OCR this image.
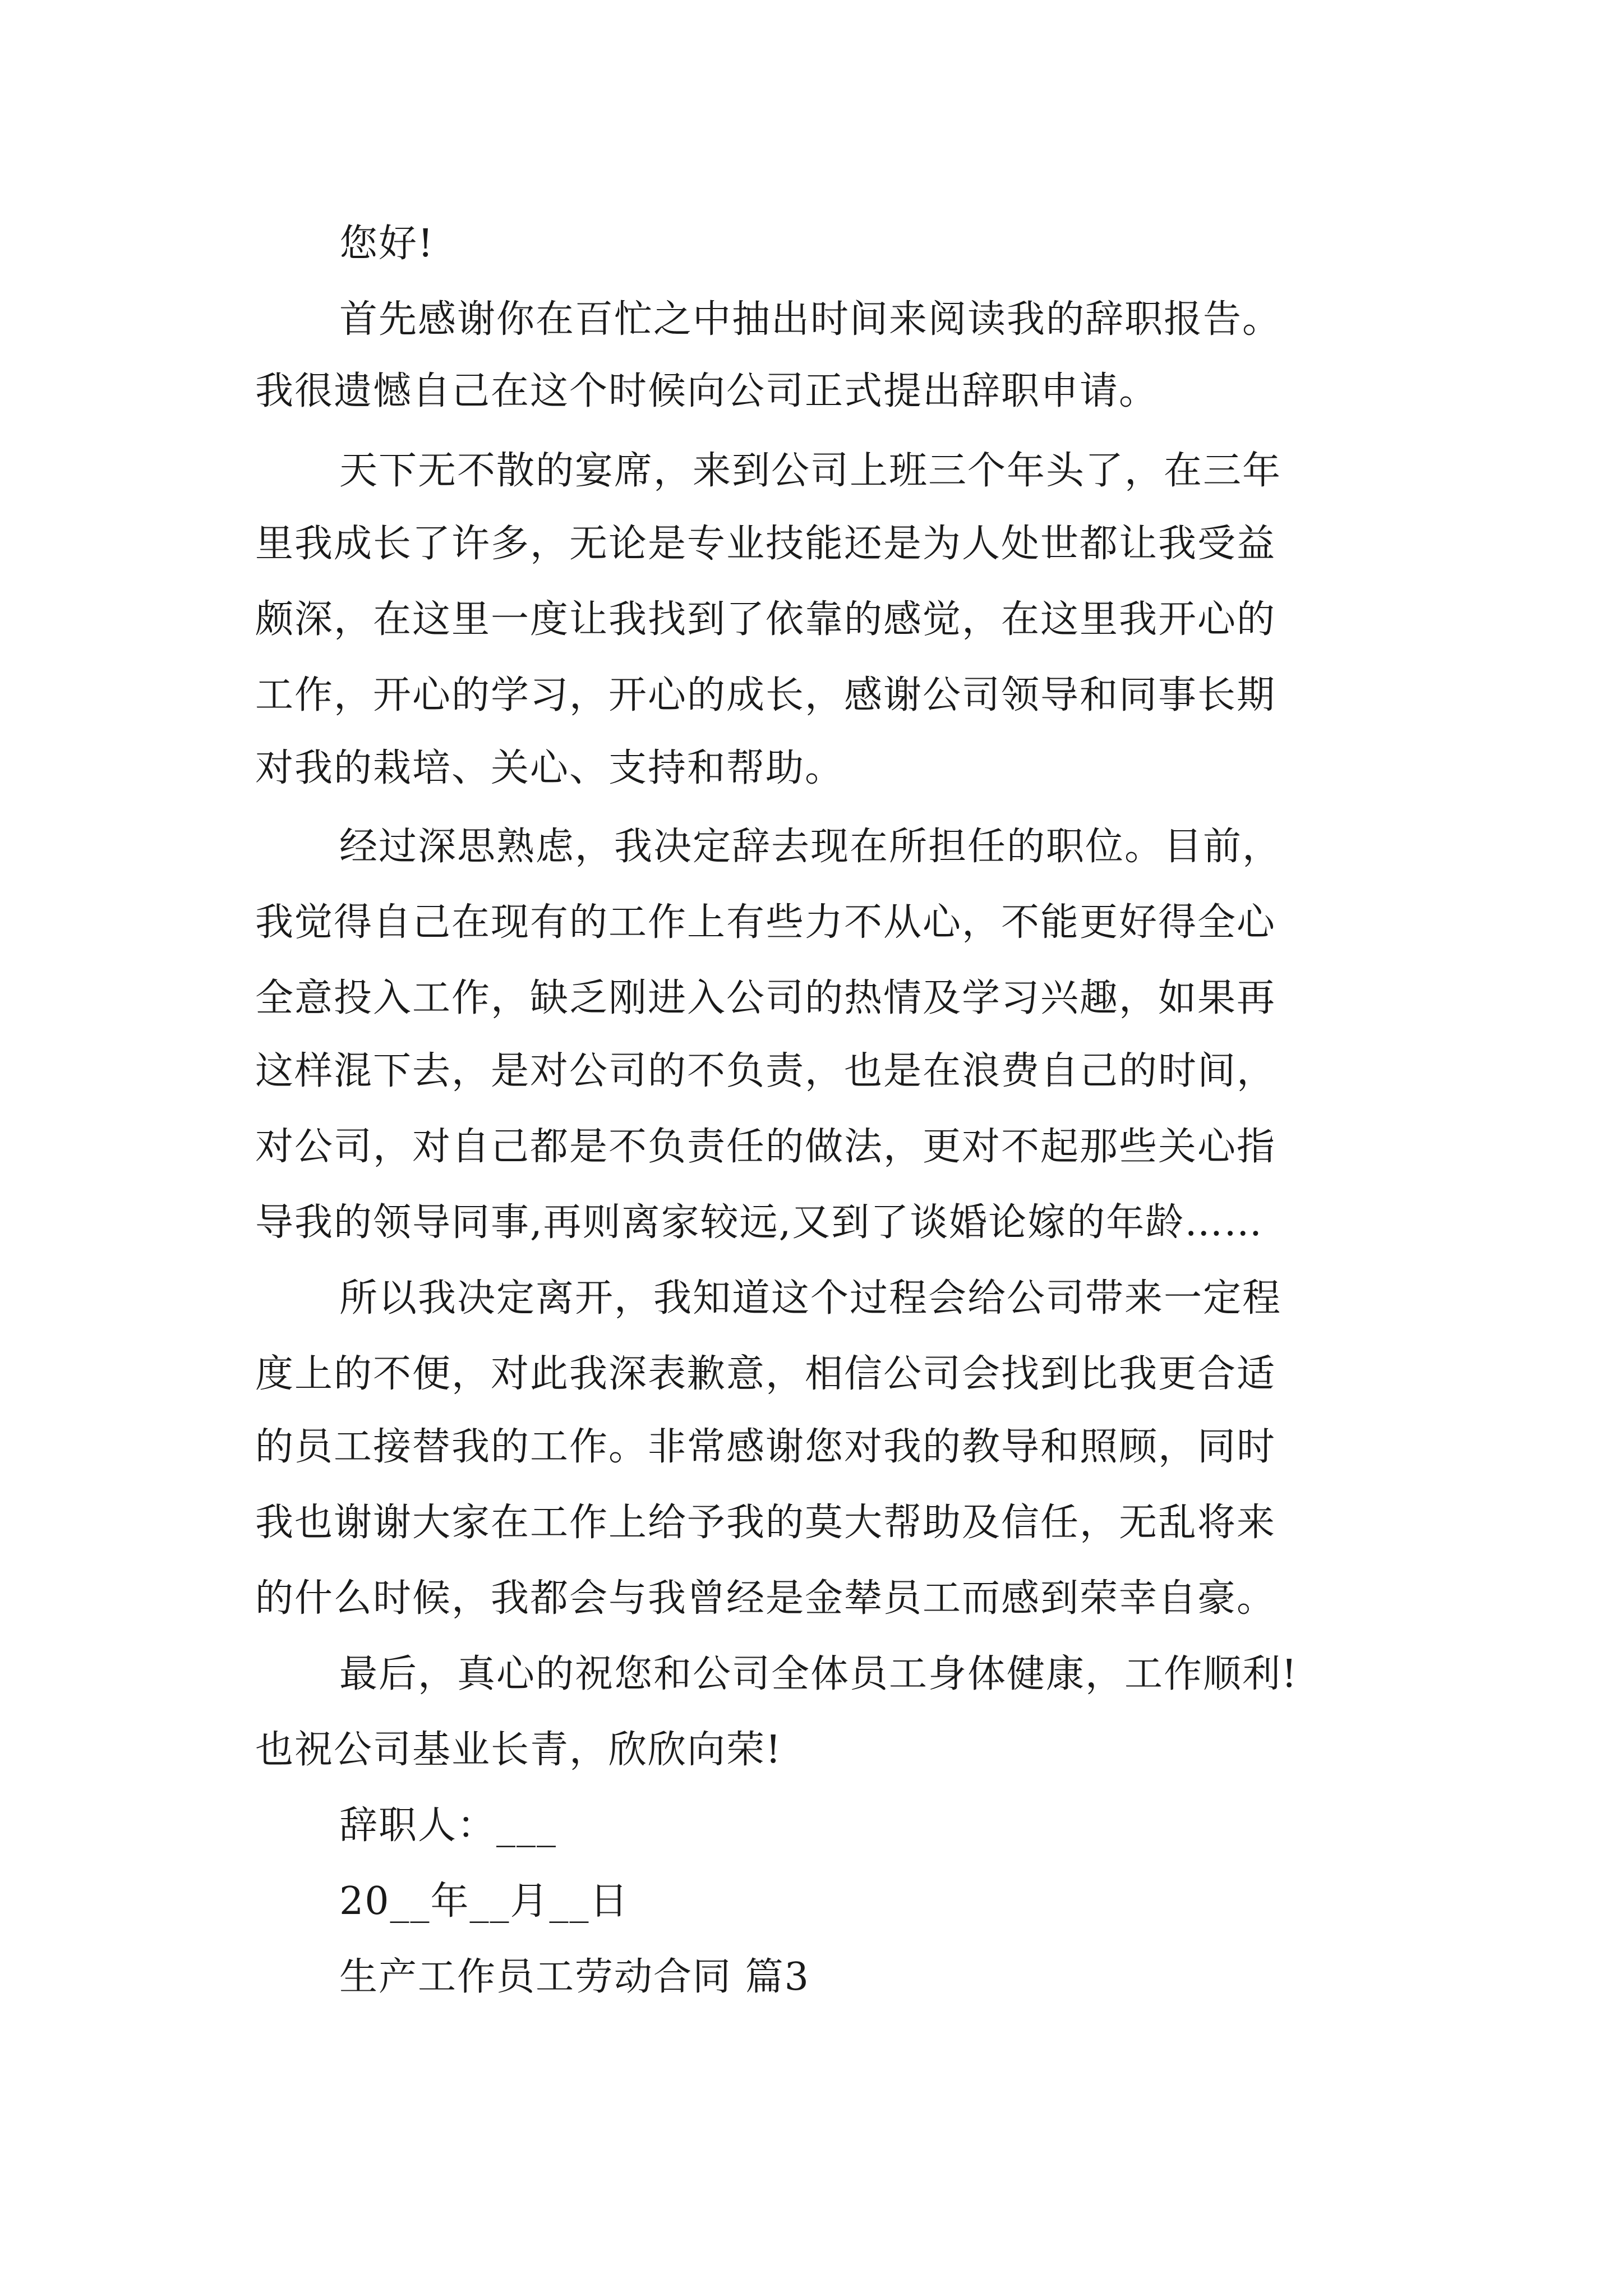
您好!
首先感谢你在百忙之中抽出时间来阅读我的辞职报告。
我很遗憾自己在这个时候向公司正式提出辞职申请。
天下无不散的宴席，来到公司上班三个年头了，在三年
里我成长了许多，无论是专业技能还是为人处世都让我受益
颇深，在这里一度让我找到了依靠的感觉，在这里我开心的
工作，开心的学习，开心的成长，感谢公司领导和同事长期
对我的栽培、关心、支持和帮助。
经过深思熟虑，我决定辞去现在所担任的职位。目前，
我觉得自己在现有的工作上有些力不从心，不能更好得全心
全意投入工作，缺乏刚进入公司的热情及学习兴趣，如果再
这样混下去，是对公司的不负责，也是在浪费自己的时间，
对公司，对自己都是不负责任的做法，更对不起那些关心指
导我的领导同事,再则离家较远,又到了谈婚论嫁的年龄……
所以我决定离开，我知道这个过程会给公司带来一定程
度上的不便，对此我深表歉意，相信公司会找到比我更合适
的员工接替我的工作。非常感谢您对我的教导和照顾，同时
我也谢谢大家在工作上给予我的莫大帮助及信任，无乱将来
的什么时候，我都会与我曾经是金辇员工而感到荣幸自豪。
最后，真心的祝您和公司全体员工身体健康，工作顺利!
也祝公司基业长青，欣欣向荣!
辞职人：___
20__年__月__日
生产工作员工劳动合同 篇3
